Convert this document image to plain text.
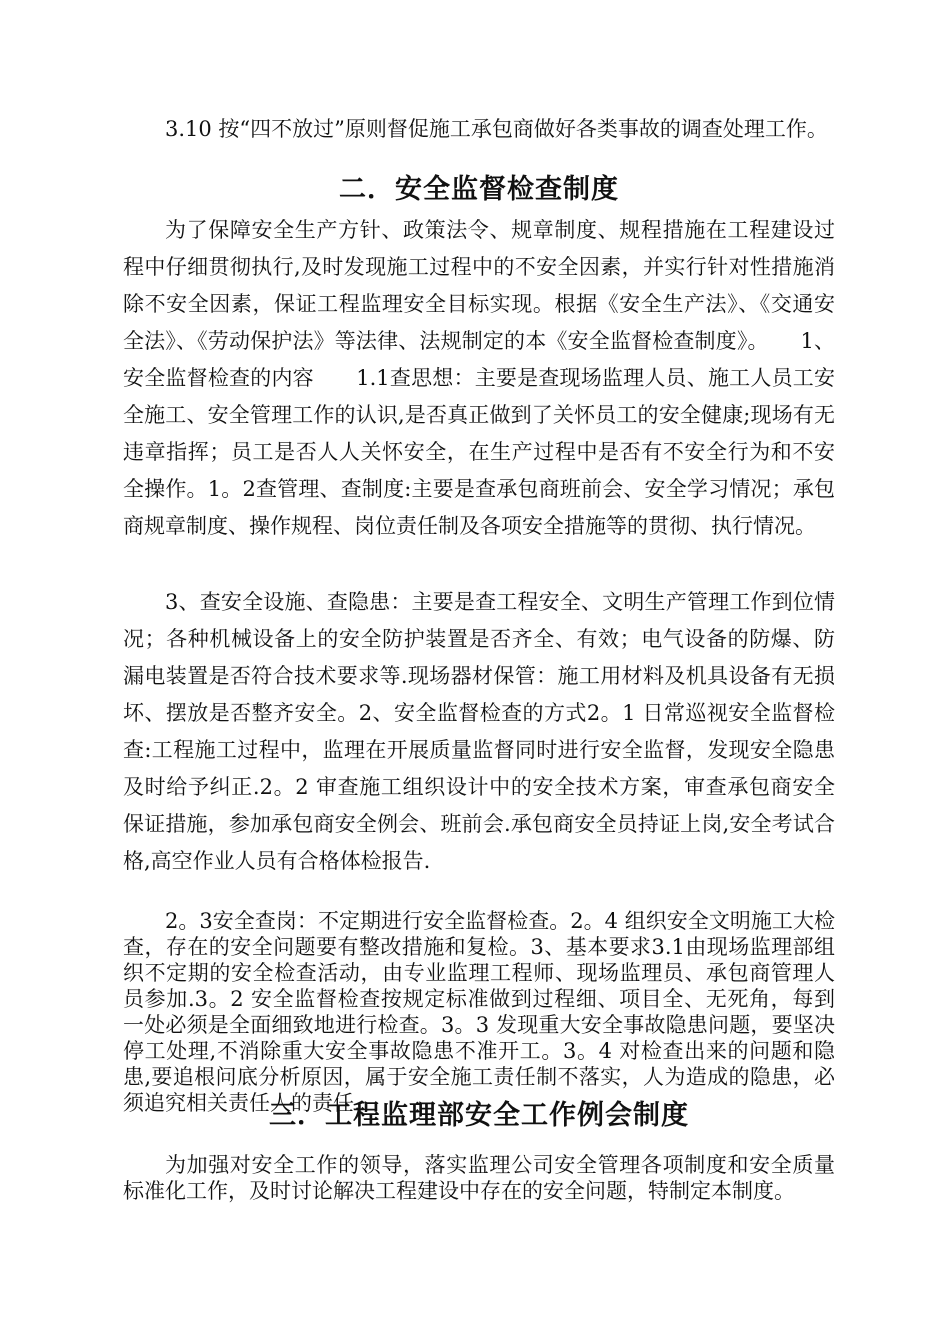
3.10 按“四不放过”原则督促施工承包商做好各类事故的调查处理工作。

二．安全监督检查制度

为了保障安全生产方针、政策法令、规章制度、规程措施在工程建设过程中仔细贯彻执行,及时发现施工过程中的不安全因素，并实行针对性措施消除不安全因素，保证工程监理安全目标实现。根据《安全生产法》、《交通安全法》、《劳动保护法》等法律、法规制定的本《安全监督检查制度》。　　1、安全监督检查的内容　　1.1查思想：主要是查现场监理人员、施工人员工安全施工、安全管理工作的认识,是否真正做到了关怀员工的安全健康;现场有无违章指挥；员工是否人人关怀安全，在生产过程中是否有不安全行为和不安全操作。1。2查管理、查制度:主要是查承包商班前会、安全学习情况；承包商规章制度、操作规程、岗位责任制及各项安全措施等的贯彻、执行情况。

3、查安全设施、查隐患：主要是查工程安全、文明生产管理工作到位情况；各种机械设备上的安全防护装置是否齐全、有效；电气设备的防爆、防漏电装置是否符合技术要求等.现场器材保管：施工用材料及机具设备有无损坏、摆放是否整齐安全。2、安全监督检查的方式2。1 日常巡视安全监督检查:工程施工过程中，监理在开展质量监督同时进行安全监督，发现安全隐患及时给予纠正.2。2 审查施工组织设计中的安全技术方案，审查承包商安全保证措施，参加承包商安全例会、班前会.承包商安全员持证上岗,安全考试合格,高空作业人员有合格体检报告.

2。3安全查岗：不定期进行安全监督检查。2。4 组织安全文明施工大检查，存在的安全问题要有整改措施和复检。3、基本要求3.1由现场监理部组织不定期的安全检查活动，由专业监理工程师、现场监理员、承包商管理人员参加.3。2 安全监督检查按规定标准做到过程细、项目全、无死角，每到一处必须是全面细致地进行检查。3。3 发现重大安全事故隐患问题，要坚决停工处理,不消除重大安全事故隐患不准开工。3。4 对检查出来的问题和隐患,要追根问底分析原因，属于安全施工责任制不落实，人为造成的隐患，必须追究相关责任人的责任.

三．工程监理部安全工作例会制度

为加强对安全工作的领导，落实监理公司安全管理各项制度和安全质量标准化工作，及时讨论解决工程建设中存在的安全问题，特制定本制度。
